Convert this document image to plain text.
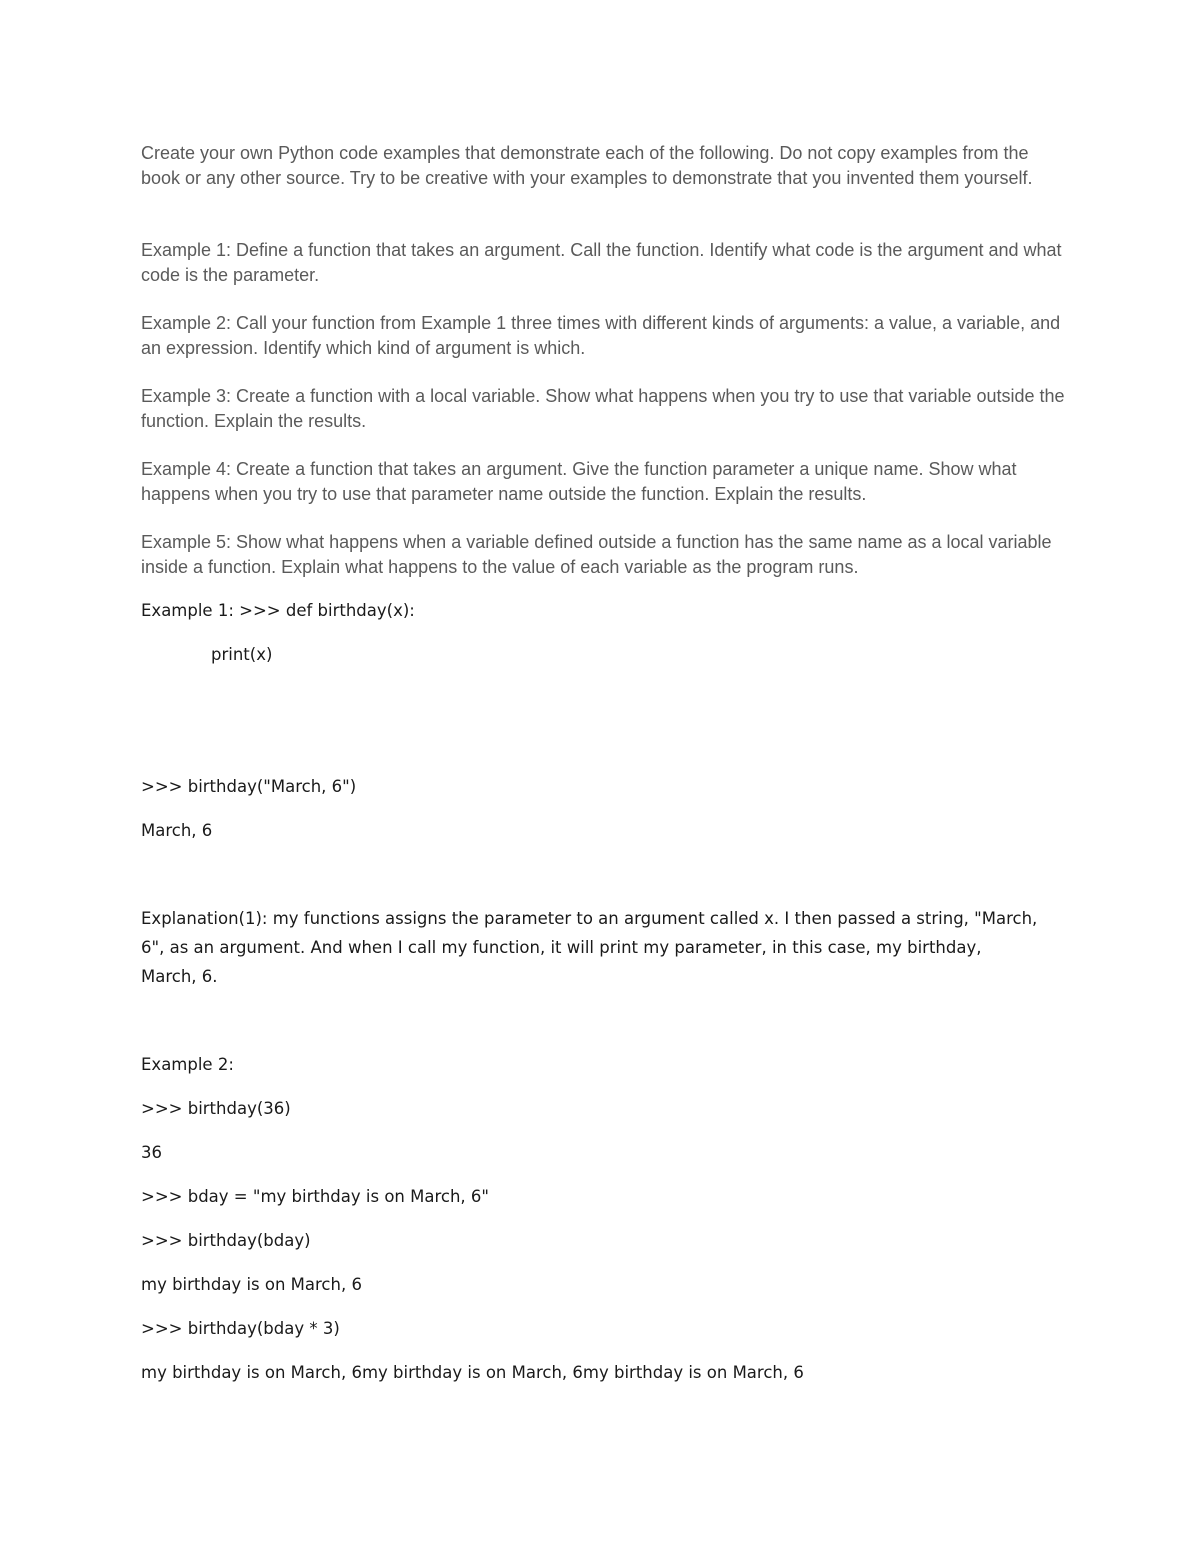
Create your own Python code examples that demonstrate each of the following. Do not copy examples from the book or any other source. Try to be creative with your examples to demonstrate that you invented them yourself.

Example 1: Define a function that takes an argument. Call the function. Identify what code is the argument and what code is the parameter.

Example 2: Call your function from Example 1 three times with different kinds of arguments: a value, a variable, and an expression. Identify which kind of argument is which.

Example 3: Create a function with a local variable. Show what happens when you try to use that variable outside the function. Explain the results.

Example 4: Create a function that takes an argument. Give the function parameter a unique name. Show what happens when you try to use that parameter name outside the function. Explain the results.

Example 5: Show what happens when a variable defined outside a function has the same name as a local variable inside a function. Explain what happens to the value of each variable as the program runs.

Example 1: >>> def birthday(x):

print(x)

>>> birthday("March, 6")

March, 6

Explanation(1): my functions assigns the parameter to an argument called x. I then passed a string, "March, 6", as an argument. And when I call my function, it will print my parameter, in this case, my birthday, March, 6.

Example 2:

>>> birthday(36)

36

>>> bday = "my birthday is on March, 6"

>>> birthday(bday)

my birthday is on March, 6

>>> birthday(bday * 3)

my birthday is on March, 6my birthday is on March, 6my birthday is on March, 6
